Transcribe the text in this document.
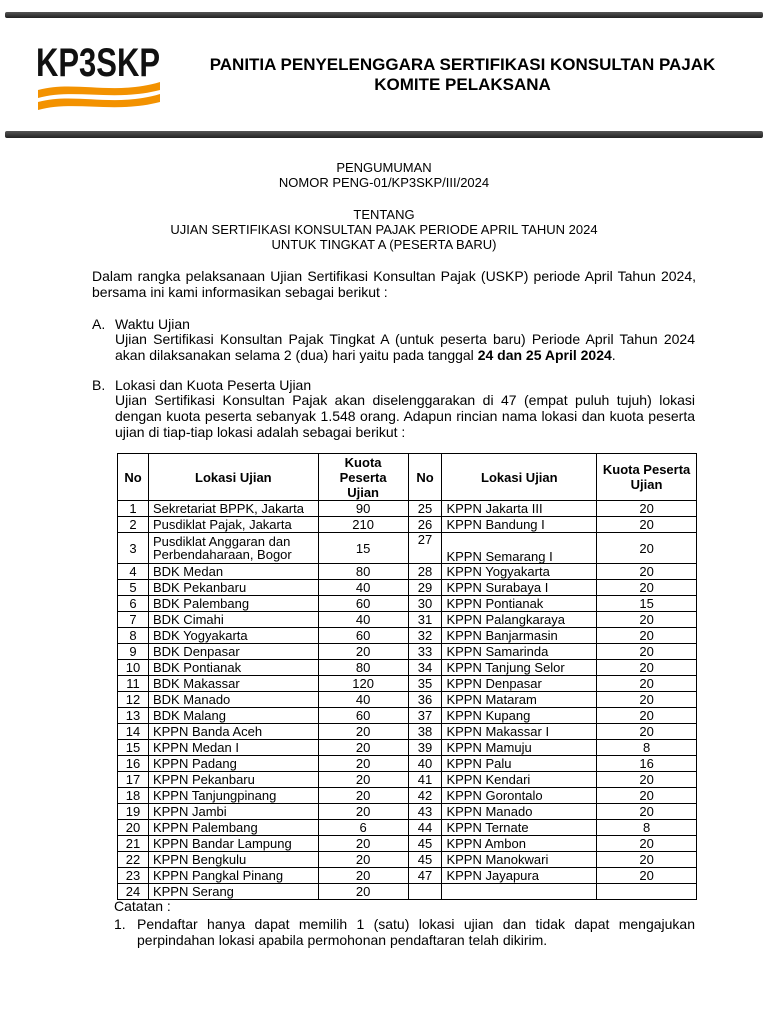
KP3SKP	PANITIA PENYELENGGARA SERTIFIKASI KONSULTAN PAJAK
KOMITE PELAKSANA
PENGUMUMAN
NOMOR PENG-01/KP3SKP/III/2024
TENTANG
UJIAN SERTIFIKASI KONSULTAN PAJAK PERIODE APRIL TAHUN 2024
UNTUK TINGKAT A (PESERTA BARU)
Dalam rangka pelaksanaan Ujian Sertifikasi Konsultan Pajak (USKP) periode April Tahun 2024, bersama ini kami informasikan sebagai berikut :
A. Waktu Ujian
Ujian Sertifikasi Konsultan Pajak Tingkat A (untuk peserta baru) Periode April Tahun 2024 akan dilaksanakan selama 2 (dua) hari yaitu pada tanggal 24 dan 25 April 2024.
B. Lokasi dan Kuota Peserta Ujian
Ujian Sertifikasi Konsultan Pajak akan diselenggarakan di 47 (empat puluh tujuh) lokasi dengan kuota peserta sebanyak 1.548 orang. Adapun rincian nama lokasi dan kuota peserta ujian di tiap-tiap lokasi adalah sebagai berikut :
No	Lokasi Ujian	Kuota Peserta Ujian	No	Lokasi Ujian	Kuota Peserta Ujian
1	Sekretariat BPPK, Jakarta	90	25	KPPN Jakarta III	20
2	Pusdiklat Pajak, Jakarta	210	26	KPPN Bandung I	20
3	Pusdiklat Anggaran dan Perbendaharaan, Bogor	15	27	KPPN Semarang I	20
4	BDK Medan	80	28	KPPN Yogyakarta	20
5	BDK Pekanbaru	40	29	KPPN Surabaya I	20
6	BDK Palembang	60	30	KPPN Pontianak	15
7	BDK Cimahi	40	31	KPPN Palangkaraya	20
8	BDK Yogyakarta	60	32	KPPN Banjarmasin	20
9	BDK Denpasar	20	33	KPPN Samarinda	20
10	BDK Pontianak	80	34	KPPN Tanjung Selor	20
11	BDK Makassar	120	35	KPPN Denpasar	20
12	BDK Manado	40	36	KPPN Mataram	20
13	BDK Malang	60	37	KPPN Kupang	20
14	KPPN Banda Aceh	20	38	KPPN Makassar I	20
15	KPPN Medan I	20	39	KPPN Mamuju	8
16	KPPN Padang	20	40	KPPN Palu	16
17	KPPN Pekanbaru	20	41	KPPN Kendari	20
18	KPPN Tanjungpinang	20	42	KPPN Gorontalo	20
19	KPPN Jambi	20	43	KPPN Manado	20
20	KPPN Palembang	6	44	KPPN Ternate	8
21	KPPN Bandar Lampung	20	45	KPPN Ambon	20
22	KPPN Bengkulu	20	45	KPPN Manokwari	20
23	KPPN Pangkal Pinang	20	47	KPPN Jayapura	20
24	KPPN Serang	20			
Catatan :
1. Pendaftar hanya dapat memilih 1 (satu) lokasi ujian dan tidak dapat mengajukan perpindahan lokasi apabila permohonan pendaftaran telah dikirim.
